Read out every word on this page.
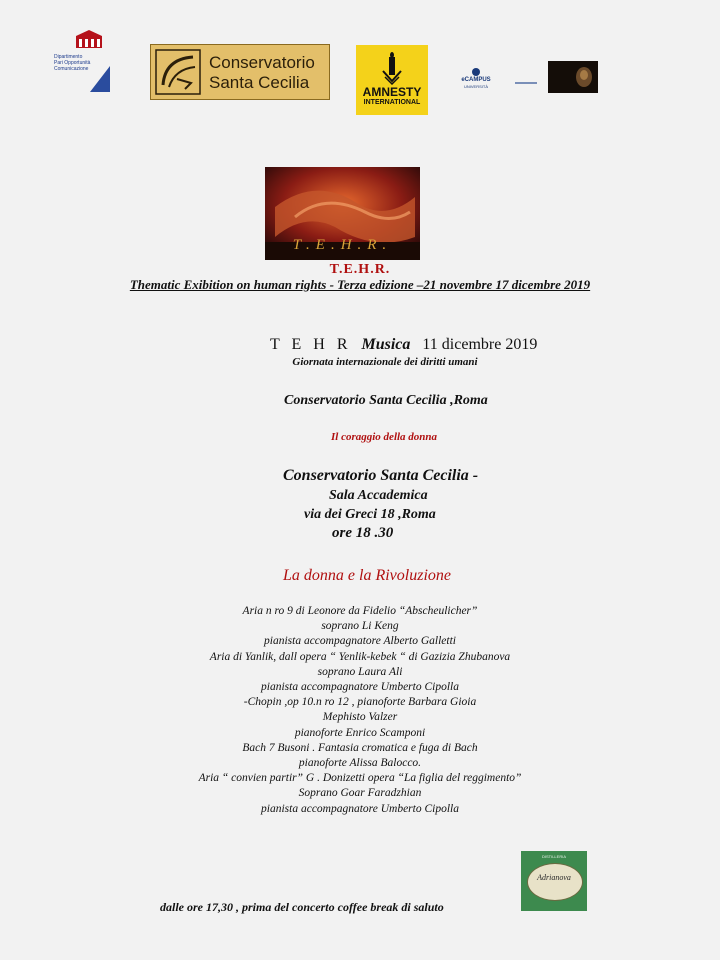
Dipartimento
Pari Opportunità
Comunicazione	Conservatorio
Santa Cecilia	AMNESTY
INTERNATIONAL
eCAMPUS
UNIVERSITÀ
T.E.H.R.
T.E.H.R.
Thematic Exibition on human rights - Terza edizione –21 novembre 17 dicembre 2019
T E H R Musica 11 dicembre 2019
Giornata internazionale dei diritti umani
Conservatorio Santa Cecilia ,Roma
Il coraggio della donna
Conservatorio Santa Cecilia -
Sala Accademica
via dei Greci 18 ,Roma
ore 18 .30
La donna e la Rivoluzione
Aria n ro 9 di Leonore da Fidelio “Abscheulicher”
soprano Li Keng
pianista accompagnatore Alberto Galletti
Aria di Yanlik, dall opera “ Yenlik-kebek “ di Gazizia Zhubanova
soprano Laura Ali
pianista accompagnatore Umberto Cipolla
-Chopin ,op 10.n ro 12 , pianoforte Barbara Gioia
Mephisto Valzer
pianoforte Enrico Scamponi
Bach 7 Busoni . Fantasia cromatica e fuga di Bach
pianoforte Alissa Balocco.
Aria “ convien partir” G . Donizetti opera “La figlia del reggimento”
Soprano Goar Faradzhian
pianista accompagnatore Umberto Cipolla
DISTILLERIA
Adrianova
dalle ore 17,30 , prima del concerto coffee break di saluto
